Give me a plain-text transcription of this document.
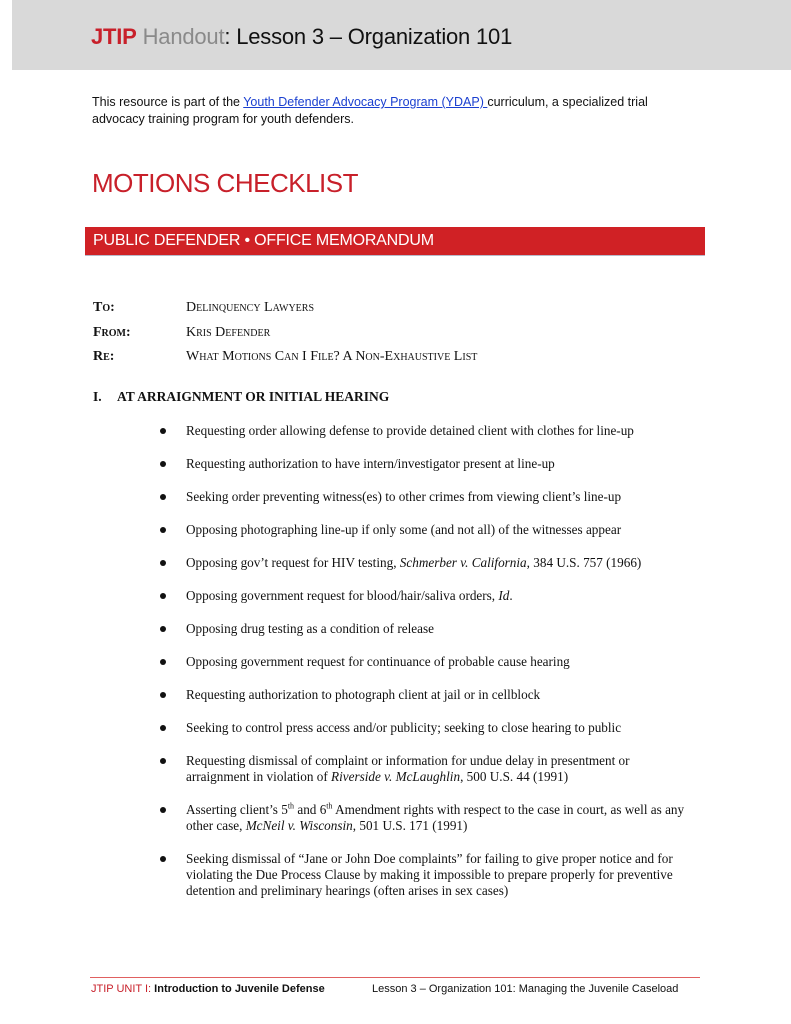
JTIP Handout: Lesson 3 – Organization 101
This resource is part of the Youth Defender Advocacy Program (YDAP) curriculum, a specialized trial advocacy training program for youth defenders.
MOTIONS CHECKLIST
PUBLIC DEFENDER • OFFICE MEMORANDUM
To:	Delinquency Lawyers
From:	Kris Defender
Re:	What Motions Can I File? A Non-Exhaustive List
I. AT ARRAIGNMENT OR INITIAL HEARING
Requesting order allowing defense to provide detained client with clothes for line-up
Requesting authorization to have intern/investigator present at line-up
Seeking order preventing witness(es) to other crimes from viewing client’s line-up
Opposing photographing line-up if only some (and not all) of the witnesses appear
Opposing gov’t request for HIV testing, Schmerber v. California, 384 U.S. 757 (1966)
Opposing government request for blood/hair/saliva orders, Id.
Opposing drug testing as a condition of release
Opposing government request for continuance of probable cause hearing
Requesting authorization to photograph client at jail or in cellblock
Seeking to control press access and/or publicity; seeking to close hearing to public
Requesting dismissal of complaint or information for undue delay in presentment or arraignment in violation of Riverside v. McLaughlin, 500 U.S. 44 (1991)
Asserting client’s 5th and 6th Amendment rights with respect to the case in court, as well as any other case, McNeil v. Wisconsin, 501 U.S. 171 (1991)
Seeking dismissal of “Jane or John Doe complaints” for failing to give proper notice and for violating the Due Process Clause by making it impossible to prepare properly for preventive detention and preliminary hearings (often arises in sex cases)
JTIP UNIT I: Introduction to Juvenile Defense	Lesson 3 – Organization 101: Managing the Juvenile Caseload
